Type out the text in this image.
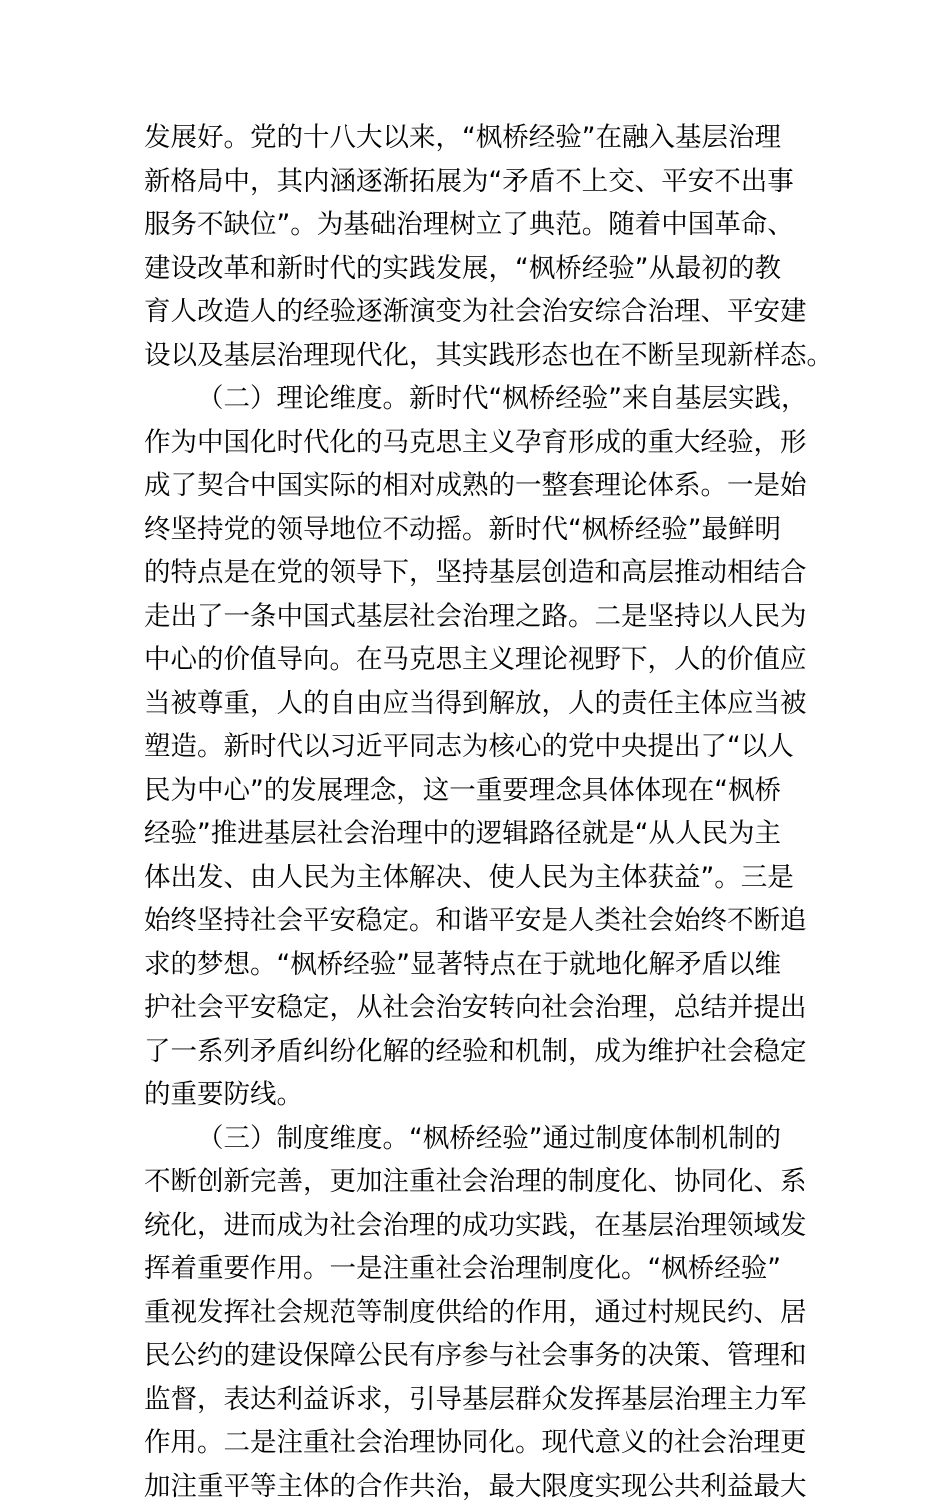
发展好。党的十八大以来，“枫桥经验”在融入基层治理
新格局中，其内涵逐渐拓展为“矛盾不上交、平安不出事
服务不缺位”。为基础治理树立了典范。随着中国革命、
建设改革和新时代的实践发展，“枫桥经验”从最初的教
育人改造人的经验逐渐演变为社会治安综合治理、平安建
设以及基层治理现代化，其实践形态也在不断呈现新样态。
（二）理论维度。新时代“枫桥经验”来自基层实践，
作为中国化时代化的马克思主义孕育形成的重大经验，形
成了契合中国实际的相对成熟的一整套理论体系。一是始
终坚持党的领导地位不动摇。新时代“枫桥经验”最鲜明
的特点是在党的领导下，坚持基层创造和高层推动相结合
走出了一条中国式基层社会治理之路。二是坚持以人民为
中心的价值导向。在马克思主义理论视野下，人的价值应
当被尊重，人的自由应当得到解放，人的责任主体应当被
塑造。新时代以习近平同志为核心的党中央提出了“以人
民为中心”的发展理念，这一重要理念具体体现在“枫桥
经验”推进基层社会治理中的逻辑路径就是“从人民为主
体出发、由人民为主体解决、使人民为主体获益”。三是
始终坚持社会平安稳定。和谐平安是人类社会始终不断追
求的梦想。“枫桥经验”显著特点在于就地化解矛盾以维
护社会平安稳定，从社会治安转向社会治理，总结并提出
了一系列矛盾纠纷化解的经验和机制，成为维护社会稳定
的重要防线。
（三）制度维度。“枫桥经验”通过制度体制机制的
不断创新完善，更加注重社会治理的制度化、协同化、系
统化，进而成为社会治理的成功实践，在基层治理领域发
挥着重要作用。一是注重社会治理制度化。“枫桥经验”
重视发挥社会规范等制度供给的作用，通过村规民约、居
民公约的建设保障公民有序参与社会事务的决策、管理和
监督，表达利益诉求，引导基层群众发挥基层治理主力军
作用。二是注重社会治理协同化。现代意义的社会治理更
加注重平等主体的合作共治，最大限度实现公共利益最大
